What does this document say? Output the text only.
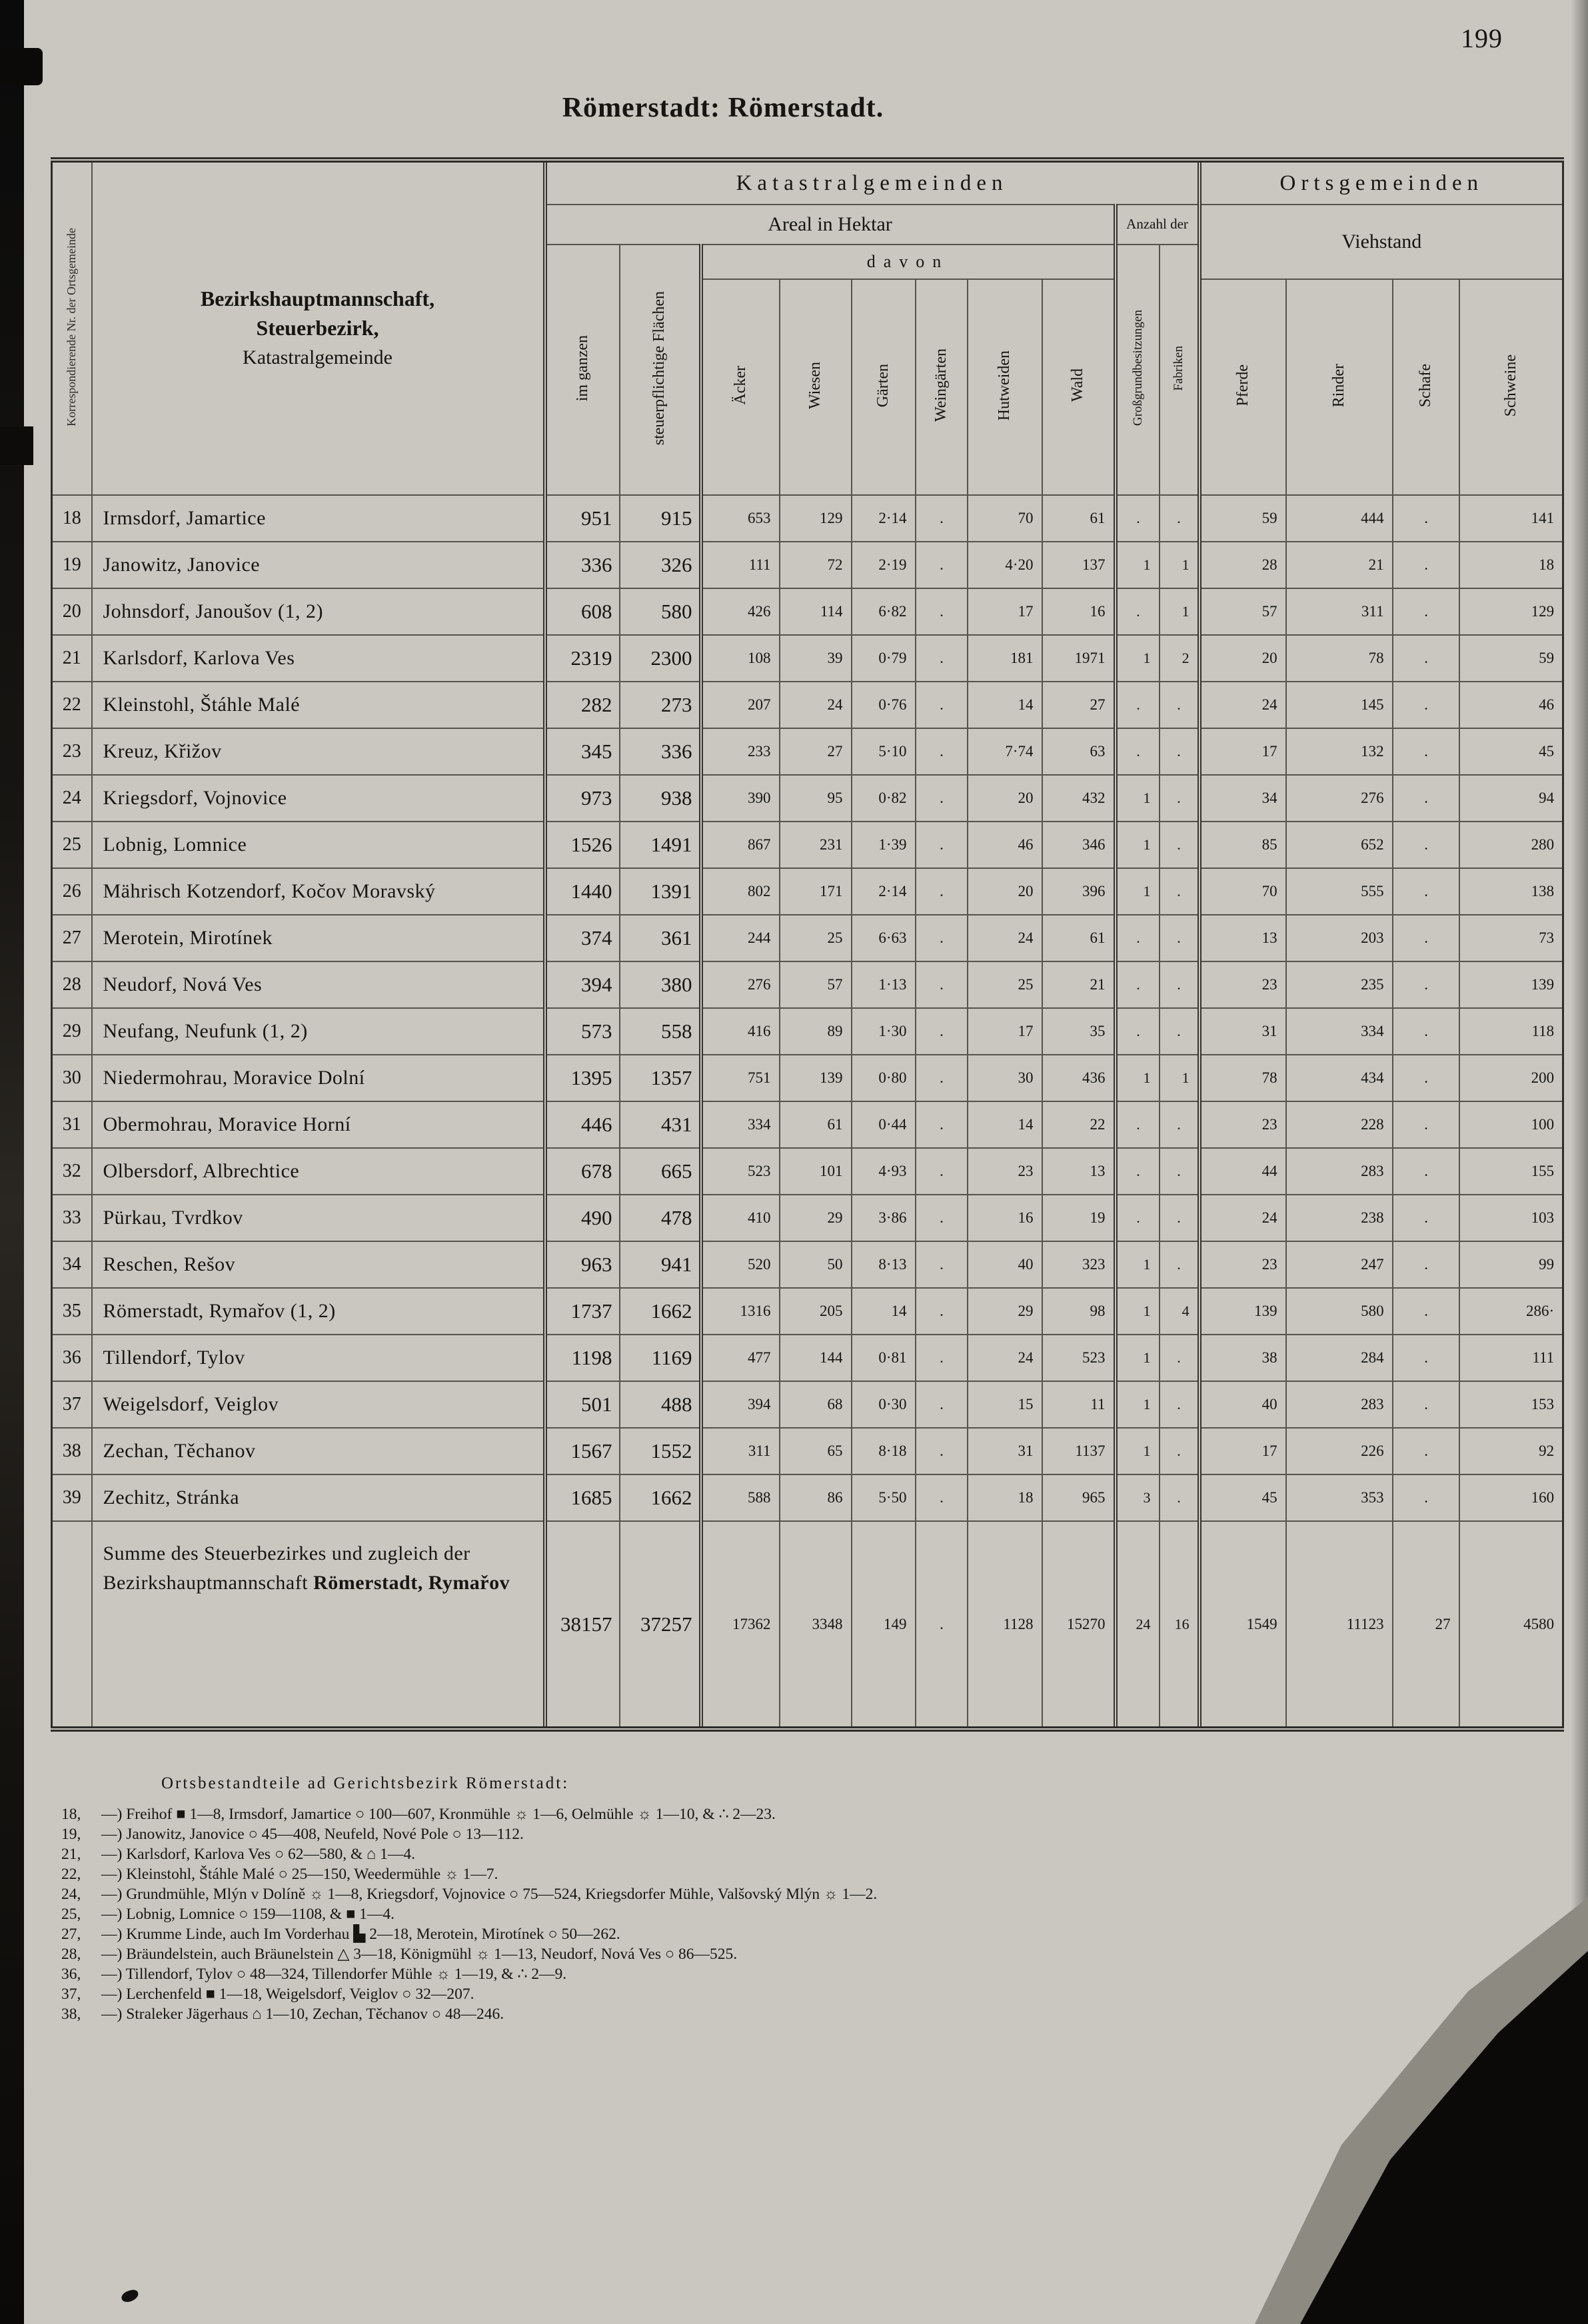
199
Römerstadt: Römerstadt.
Korrespondierende Nr. der Ortsgemeinde	Bezirkshauptmannschaft,
Steuerbezirk,
Katastralgemeinde	Katastralgemeinden										Ortsgemeinden			
		Areal in Hektar								Anzahl der		Viehstand			
		im ganzen	steuerpflichtige Flächen	davon						Großgrundbesitzungen	Fabriken				
				Äcker	Wiesen	Gärten	Weingärten	Hutweiden	Wald			Pferde	Rinder	Schafe	Schweine
18	Irmsdorf, Jamartice	951	915	653	129	2·14	.	70	61	.	.	59	444	.	141
19	Janowitz, Janovice	336	326	111	72	2·19	.	4·20	137	1	1	28	21	.	18
20	Johnsdorf, Janoušov (1, 2)	608	580	426	114	6·82	.	17	16	.	1	57	311	.	129
21	Karlsdorf, Karlova Ves	2319	2300	108	39	0·79	.	181	1971	1	2	20	78	.	59
22	Kleinstohl, Štáhle Malé	282	273	207	24	0·76	.	14	27	.	.	24	145	.	46
23	Kreuz, Křižov	345	336	233	27	5·10	.	7·74	63	.	.	17	132	.	45
24	Kriegsdorf, Vojnovice	973	938	390	95	0·82	.	20	432	1	.	34	276	.	94
25	Lobnig, Lomnice	1526	1491	867	231	1·39	.	46	346	1	.	85	652	.	280
26	Mährisch Kotzendorf, Kočov Moravský	1440	1391	802	171	2·14	.	20	396	1	.	70	555	.	138
27	Merotein, Mirotínek	374	361	244	25	6·63	.	24	61	.	.	13	203	.	73
28	Neudorf, Nová Ves	394	380	276	57	1·13	.	25	21	.	.	23	235	.	139
29	Neufang, Neufunk (1, 2)	573	558	416	89	1·30	.	17	35	.	.	31	334	.	118
30	Niedermohrau, Moravice Dolní	1395	1357	751	139	0·80	.	30	436	1	1	78	434	.	200
31	Obermohrau, Moravice Horní	446	431	334	61	0·44	.	14	22	.	.	23	228	.	100
32	Olbersdorf, Albrechtice	678	665	523	101	4·93	.	23	13	.	.	44	283	.	155
33	Pürkau, Tvrdkov	490	478	410	29	3·86	.	16	19	.	.	24	238	.	103
34	Reschen, Rešov	963	941	520	50	8·13	.	40	323	1	.	23	247	.	99
35	Römerstadt, Rymařov (1, 2)	1737	1662	1316	205	14	.	29	98	1	4	139	580	.	286·
36	Tillendorf, Tylov	1198	1169	477	144	0·81	.	24	523	1	.	38	284	.	111
37	Weigelsdorf, Veiglov	501	488	394	68	0·30	.	15	11	1	.	40	283	.	153
38	Zechan, Těchanov	1567	1552	311	65	8·18	.	31	1137	1	.	17	226	.	92
39	Zechitz, Stránka	1685	1662	588	86	5·50	.	18	965	3	.	45	353	.	160
	Summe des Steuerbezirkes und zugleich der Bezirkshauptmannschaft Römerstadt, Rymařov	38157	37257	17362	3348	149	.	1128	15270	24	16	1549	11123	27	4580
Ortsbestandteile ad Gerichtsbezirk Römerstadt:
18,	—) Freihof ■ 1—8, Irmsdorf, Jamartice ○ 100—607, Kronmühle ☼ 1—6, Oelmühle ☼ 1—10, & ∴ 2—23.
19,	—) Janowitz, Janovice ○ 45—408, Neufeld, Nové Pole ○ 13—112.
21,	—) Karlsdorf, Karlova Ves ○ 62—580, & ⌂ 1—4.
22,	—) Kleinstohl, Štáhle Malé ○ 25—150, Weedermühle ☼ 1—7.
24,	—) Grundmühle, Mlýn v Dolíně ☼ 1—8, Kriegsdorf, Vojnovice ○ 75—524, Kriegsdorfer Mühle, Valšovský Mlýn ☼ 1—2.
25,	—) Lobnig, Lomnice ○ 159—1108, & ■ 1—4.
27,	—) Krumme Linde, auch Im Vorderhau ▙ 2—18, Merotein, Mirotínek ○ 50—262.
28,	—) Bräundelstein, auch Bräunelstein △ 3—18, Königmühl ☼ 1—13, Neudorf, Nová Ves ○ 86—525.
36,	—) Tillendorf, Tylov ○ 48—324, Tillendorfer Mühle ☼ 1—19, & ∴ 2—9.
37,	—) Lerchenfeld ■ 1—18, Weigelsdorf, Veiglov ○ 32—207.
38,	—) Straleker Jägerhaus ⌂ 1—10, Zechan, Těchanov ○ 48—246.
